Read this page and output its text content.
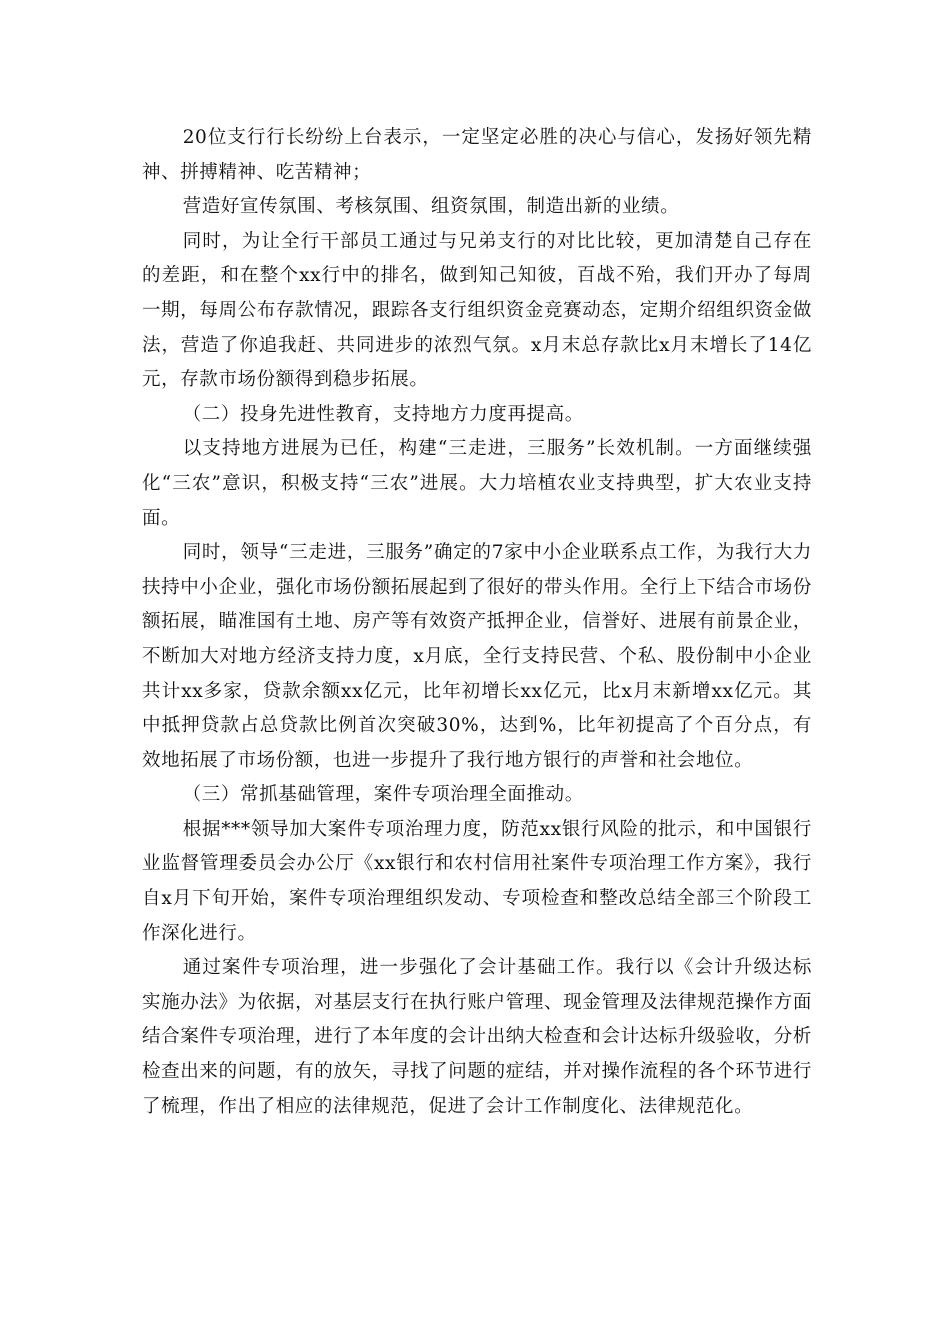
20位支行行长纷纷上台表示，一定坚定必胜的决心与信心，发扬好领先精神、拼搏精神、吃苦精神；

营造好宣传氛围、考核氛围、组资氛围，制造出新的业绩。

同时，为让全行干部员工通过与兄弟支行的对比比较，更加清楚自己存在的差距，和在整个xx行中的排名，做到知己知彼，百战不殆，我们开办了每周一期，每周公布存款情况，跟踪各支行组织资金竞赛动态，定期介绍组织资金做法，营造了你追我赶、共同进步的浓烈气氛。x月末总存款比x月末增长了14亿元，存款市场份额得到稳步拓展。

（二）投身先进性教育，支持地方力度再提高。

以支持地方进展为已任，构建“三走进，三服务”长效机制。一方面继续强化“三农”意识，积极支持“三农”进展。大力培植农业支持典型，扩大农业支持面。

同时，领导“三走进，三服务”确定的7家中小企业联系点工作，为我行大力扶持中小企业，强化市场份额拓展起到了很好的带头作用。全行上下结合市场份额拓展，瞄准国有土地、房产等有效资产抵押企业，信誉好、进展有前景企业，不断加大对地方经济支持力度，x月底，全行支持民营、个私、股份制中小企业共计xx多家，贷款余额xx亿元，比年初增长xx亿元，比x月末新增xx亿元。其中抵押贷款占总贷款比例首次突破30%，达到%，比年初提高了个百分点，有效地拓展了市场份额，也进一步提升了我行地方银行的声誉和社会地位。

（三）常抓基础管理，案件专项治理全面推动。

根据***领导加大案件专项治理力度，防范xx银行风险的批示，和中国银行业监督管理委员会办公厅《xx银行和农村信用社案件专项治理工作方案》，我行自x月下旬开始，案件专项治理组织发动、专项检查和整改总结全部三个阶段工作深化进行。

通过案件专项治理，进一步强化了会计基础工作。我行以《会计升级达标实施办法》为依据，对基层支行在执行账户管理、现金管理及法律规范操作方面结合案件专项治理，进行了本年度的会计出纳大检查和会计达标升级验收，分析检查出来的问题，有的放矢，寻找了问题的症结，并对操作流程的各个环节进行了梳理，作出了相应的法律规范，促进了会计工作制度化、法律规范化。
